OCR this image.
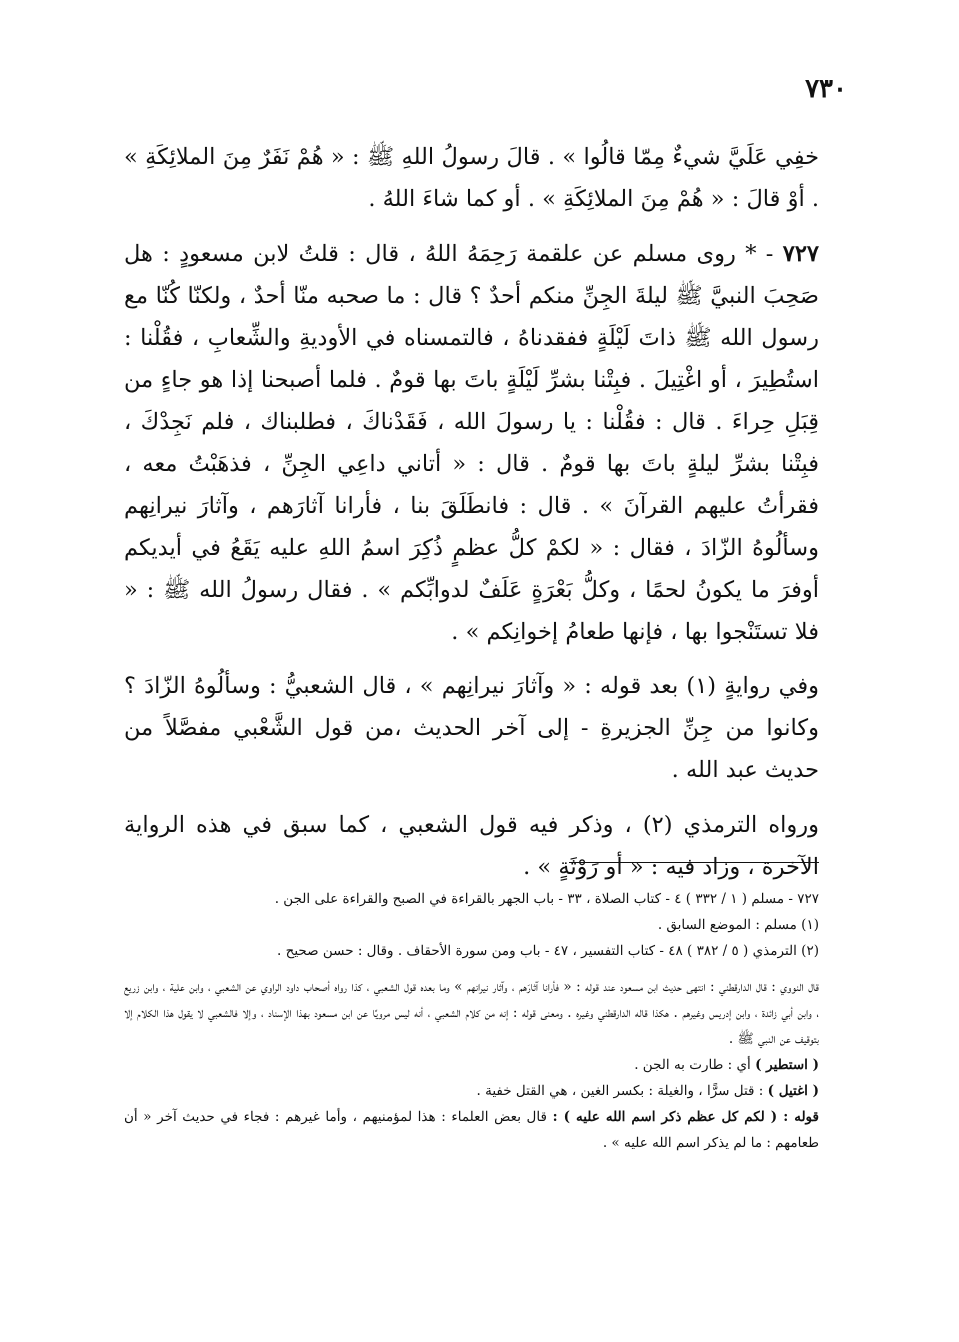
٧٣٠

خفِي عَلَيَّ شيءٌ مِمّا قالُوا » . قالَ رسولُ اللهِ ﷺ : « هُمْ نَفَرٌ مِنَ الملائِكَةِ » . أوْ قالَ : « هُمْ مِنَ الملائِكَةِ » . أو كما شاءَ اللهُ .

٧٢٧ - * روى مسلم عن علقمة رَحِمَهُ اللهُ ، قال : قلتُ لابن مسعودٍ : هل صَحِبَ النبيَّ ﷺ ليلةَ الجِنِّ منكم أحدٌ ؟ قال : ما صحبه منّا أحدٌ ، ولكنّا كُنّا مع رسول الله ﷺ ذاتَ لَيْلَةٍ ففقدناهُ ، فالتمسناه في الأوديةِ والشِّعابِ ، فقُلْنا : استُطِيرَ ، أو اغْتِيلَ . فبِتْنا بشرِّ لَيْلَةٍ باتَ بها قومٌ . فلما أصبحنا إذا هو جاءٍ من قِبَلِ حِراءَ . قال : فقُلْنا : يا رسولَ الله ، فَقَدْناكَ ، فطلبناك ، فلم نَجِدْكَ ، فبِتْنا بشرِّ ليلةٍ باتَ بها قومٌ . قال : « أتاني داعِي الجِنِّ ، فذهَبْتُ معه ، فقرأتُ عليهم القرآنَ » . قال : فانطَلَقَ بنا ، فأرانا آثارَهم ، وآثارَ نيرانِهم وسألُوهُ الزّادَ ، فقال : « لكمْ كلُّ عظمٍ ذُكِرَ اسمُ اللهِ عليه يَقَعُ في أيديكم أوفرَ ما يكونُ لحمًا ، وكلُّ بَعْرَةٍ عَلَفٌ لدوابِّكم » . فقال رسولُ الله ﷺ : « فلا تستَنْجوا بها ، فإنها طعامُ إخوانِكم » .

وفي روايةٍ (١) بعد قوله : « وآثارَ نيرانِهم » ، قال الشعبيُّ : وسألُوهُ الزّادَ ؟ وكانوا من جِنِّ الجزيرةِ - إلى آخر الحديث ،من قول الشَّعْبي مفصَّلاً من حديث عبد الله .

ورواه الترمذي (٢) ، وذكر فيه قول الشعبي ، كما سبق في هذه الرواية الآخرة ، وزاد فيه : « أو رَوْثَةٍ » .

٧٢٧ - مسلم ( ١ / ٣٣٢ ) ٤ - كتاب الصلاة ، ٣٣ - باب الجهر بالقراءة في الصبح والقراءة على الجن .
(١) مسلم : الموضع السابق .
(٢) الترمذي ( ٥ / ٣٨٢ ) ٤٨ - كتاب التفسير ، ٤٧ - باب ومن سورة الأحقاف . وقال : حسن صحيح .
قال النووي : قال الدارقطني : انتهى حديث ابن مسعود عند قوله : « فأرانا آثارَهم ، وآثار نيرانهم » وما بعده قول الشعبي ، كذا رواه أصحاب داود الراوي عن الشعبي ، وابن علية ، وابن زريع ، وابن أبي زائدة ، وابن إدريس وغيرهم . هكذا قاله الدارقطني وغيره . ومعنى قوله : إنه من كلام الشعبي ، أنه ليس مرويًا عن ابن مسعود بهذا الإسناد ، وإلا فالشعبي لا يقول هذا الكلام إلا بتوقيف عن النبي ﷺ .
( استطير ) أي : طارت به الجن .
( اغتيل ) : قتل سرًّا ، والغيلة : بكسر الغين ، هي القتل خفية .
قوله : ( لكم كل عظم ذكر اسم الله عليه ) : قال بعض العلماء : هذا لمؤمنيهم ، وأما غيرهم : فجاء في حديث آخر « أن طعامهم : ما لم يذكر اسم الله عليه » .
